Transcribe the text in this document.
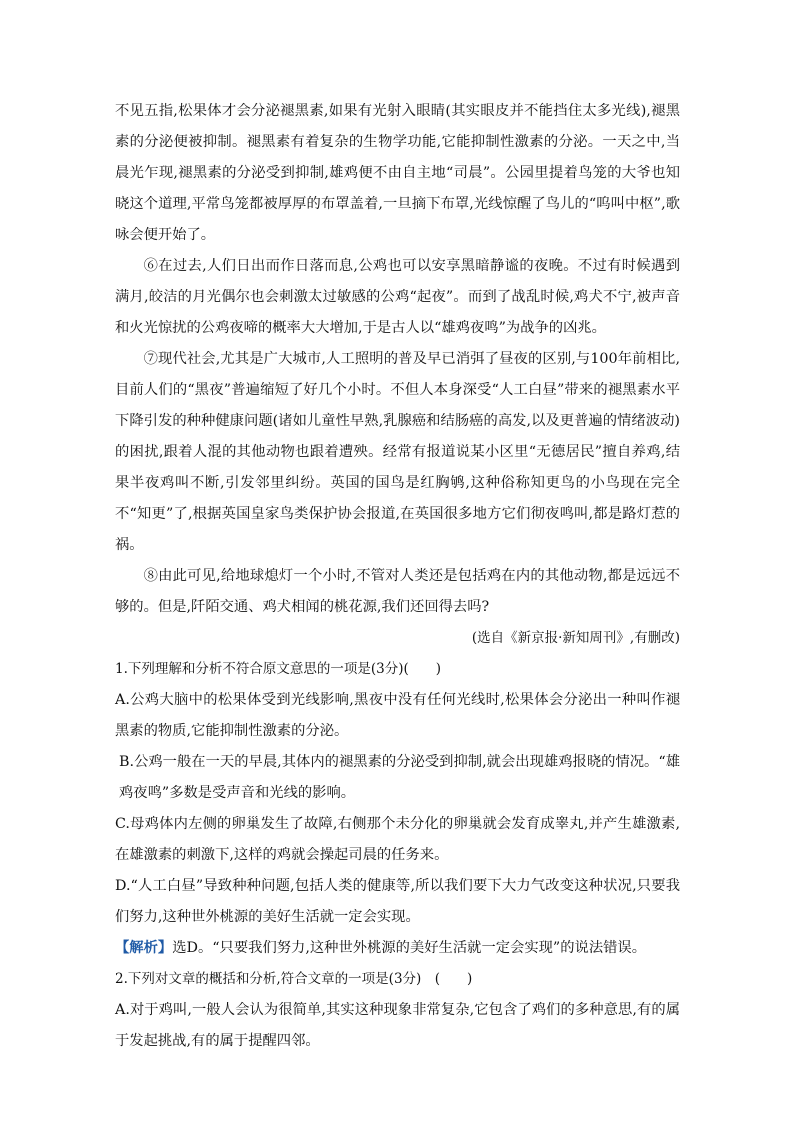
不见五指,松果体才会分泌褪黑素,如果有光射入眼睛(其实眼皮并不能挡住太多光线),褪黑素的分泌便被抑制。褪黑素有着复杂的生物学功能,它能抑制性激素的分泌。一天之中,当晨光乍现,褪黑素的分泌受到抑制,雄鸡便不由自主地“司晨”。公园里提着鸟笼的大爷也知晓这个道理,平常鸟笼都被厚厚的布罩盖着,一旦摘下布罩,光线惊醒了鸟儿的“呜叫中枢”,歌咏会便开始了。

⑥在过去,人们日出而作日落而息,公鸡也可以安享黑暗静谧的夜晚。不过有时候遇到满月,皎洁的月光偶尔也会刺激太过敏感的公鸡“起夜”。而到了战乱时候,鸡犬不宁,被声音和火光惊扰的公鸡夜啼的概率大大增加,于是古人以“雄鸡夜鸣”为战争的凶兆。

⑦现代社会,尤其是广大城市,人工照明的普及早已消弭了昼夜的区别,与100年前相比,目前人们的“黑夜”普遍缩短了好几个小时。不但人本身深受“人工白昼”带来的褪黑素水平下降引发的种种健康问题(诸如儿童性早熟,乳腺癌和结肠癌的高发,以及更普遍的情绪波动)的困扰,跟着人混的其他动物也跟着遭殃。经常有报道说某小区里“无德居民”擅自养鸡,结果半夜鸡叫不断,引发邻里纠纷。英国的国鸟是红胸鸲,这种俗称知更鸟的小鸟现在完全不“知更”了,根据英国皇家鸟类保护协会报道,在英国很多地方它们彻夜鸣叫,都是路灯惹的祸。

⑧由此可见,给地球熄灯一个小时,不管对人类还是包括鸡在内的其他动物,都是远远不够的。但是,阡陌交通、鸡犬相闻的桃花源,我们还回得去吗?

(选自《新京报·新知周刊》,有删改)

1.下列理解和分析不符合原文意思的一项是(3分)(　　)

A.公鸡大脑中的松果体受到光线影响,黑夜中没有任何光线时,松果体会分泌出一种叫作褪黑素的物质,它能抑制性激素的分泌。

B.公鸡一般在一天的早晨,其体内的褪黑素的分泌受到抑制,就会出现雄鸡报晓的情况。“雄鸡夜鸣”多数是受声音和光线的影响。

C.母鸡体内左侧的卵巢发生了故障,右侧那个未分化的卵巢就会发育成睾丸,并产生雄激素,在雄激素的刺激下,这样的鸡就会操起司晨的任务来。

D.“人工白昼”导致种种问题,包括人类的健康等,所以我们要下大力气改变这种状况,只要我们努力,这种世外桃源的美好生活就一定会实现。

【解析】选D。“只要我们努力,这种世外桃源的美好生活就一定会实现”的说法错误。

2.下列对文章的概括和分析,符合文章的一项是(3分)　(　　)

A.对于鸡叫,一般人会认为很简单,其实这种现象非常复杂,它包含了鸡们的多种意思,有的属于发起挑战,有的属于提醒四邻。
